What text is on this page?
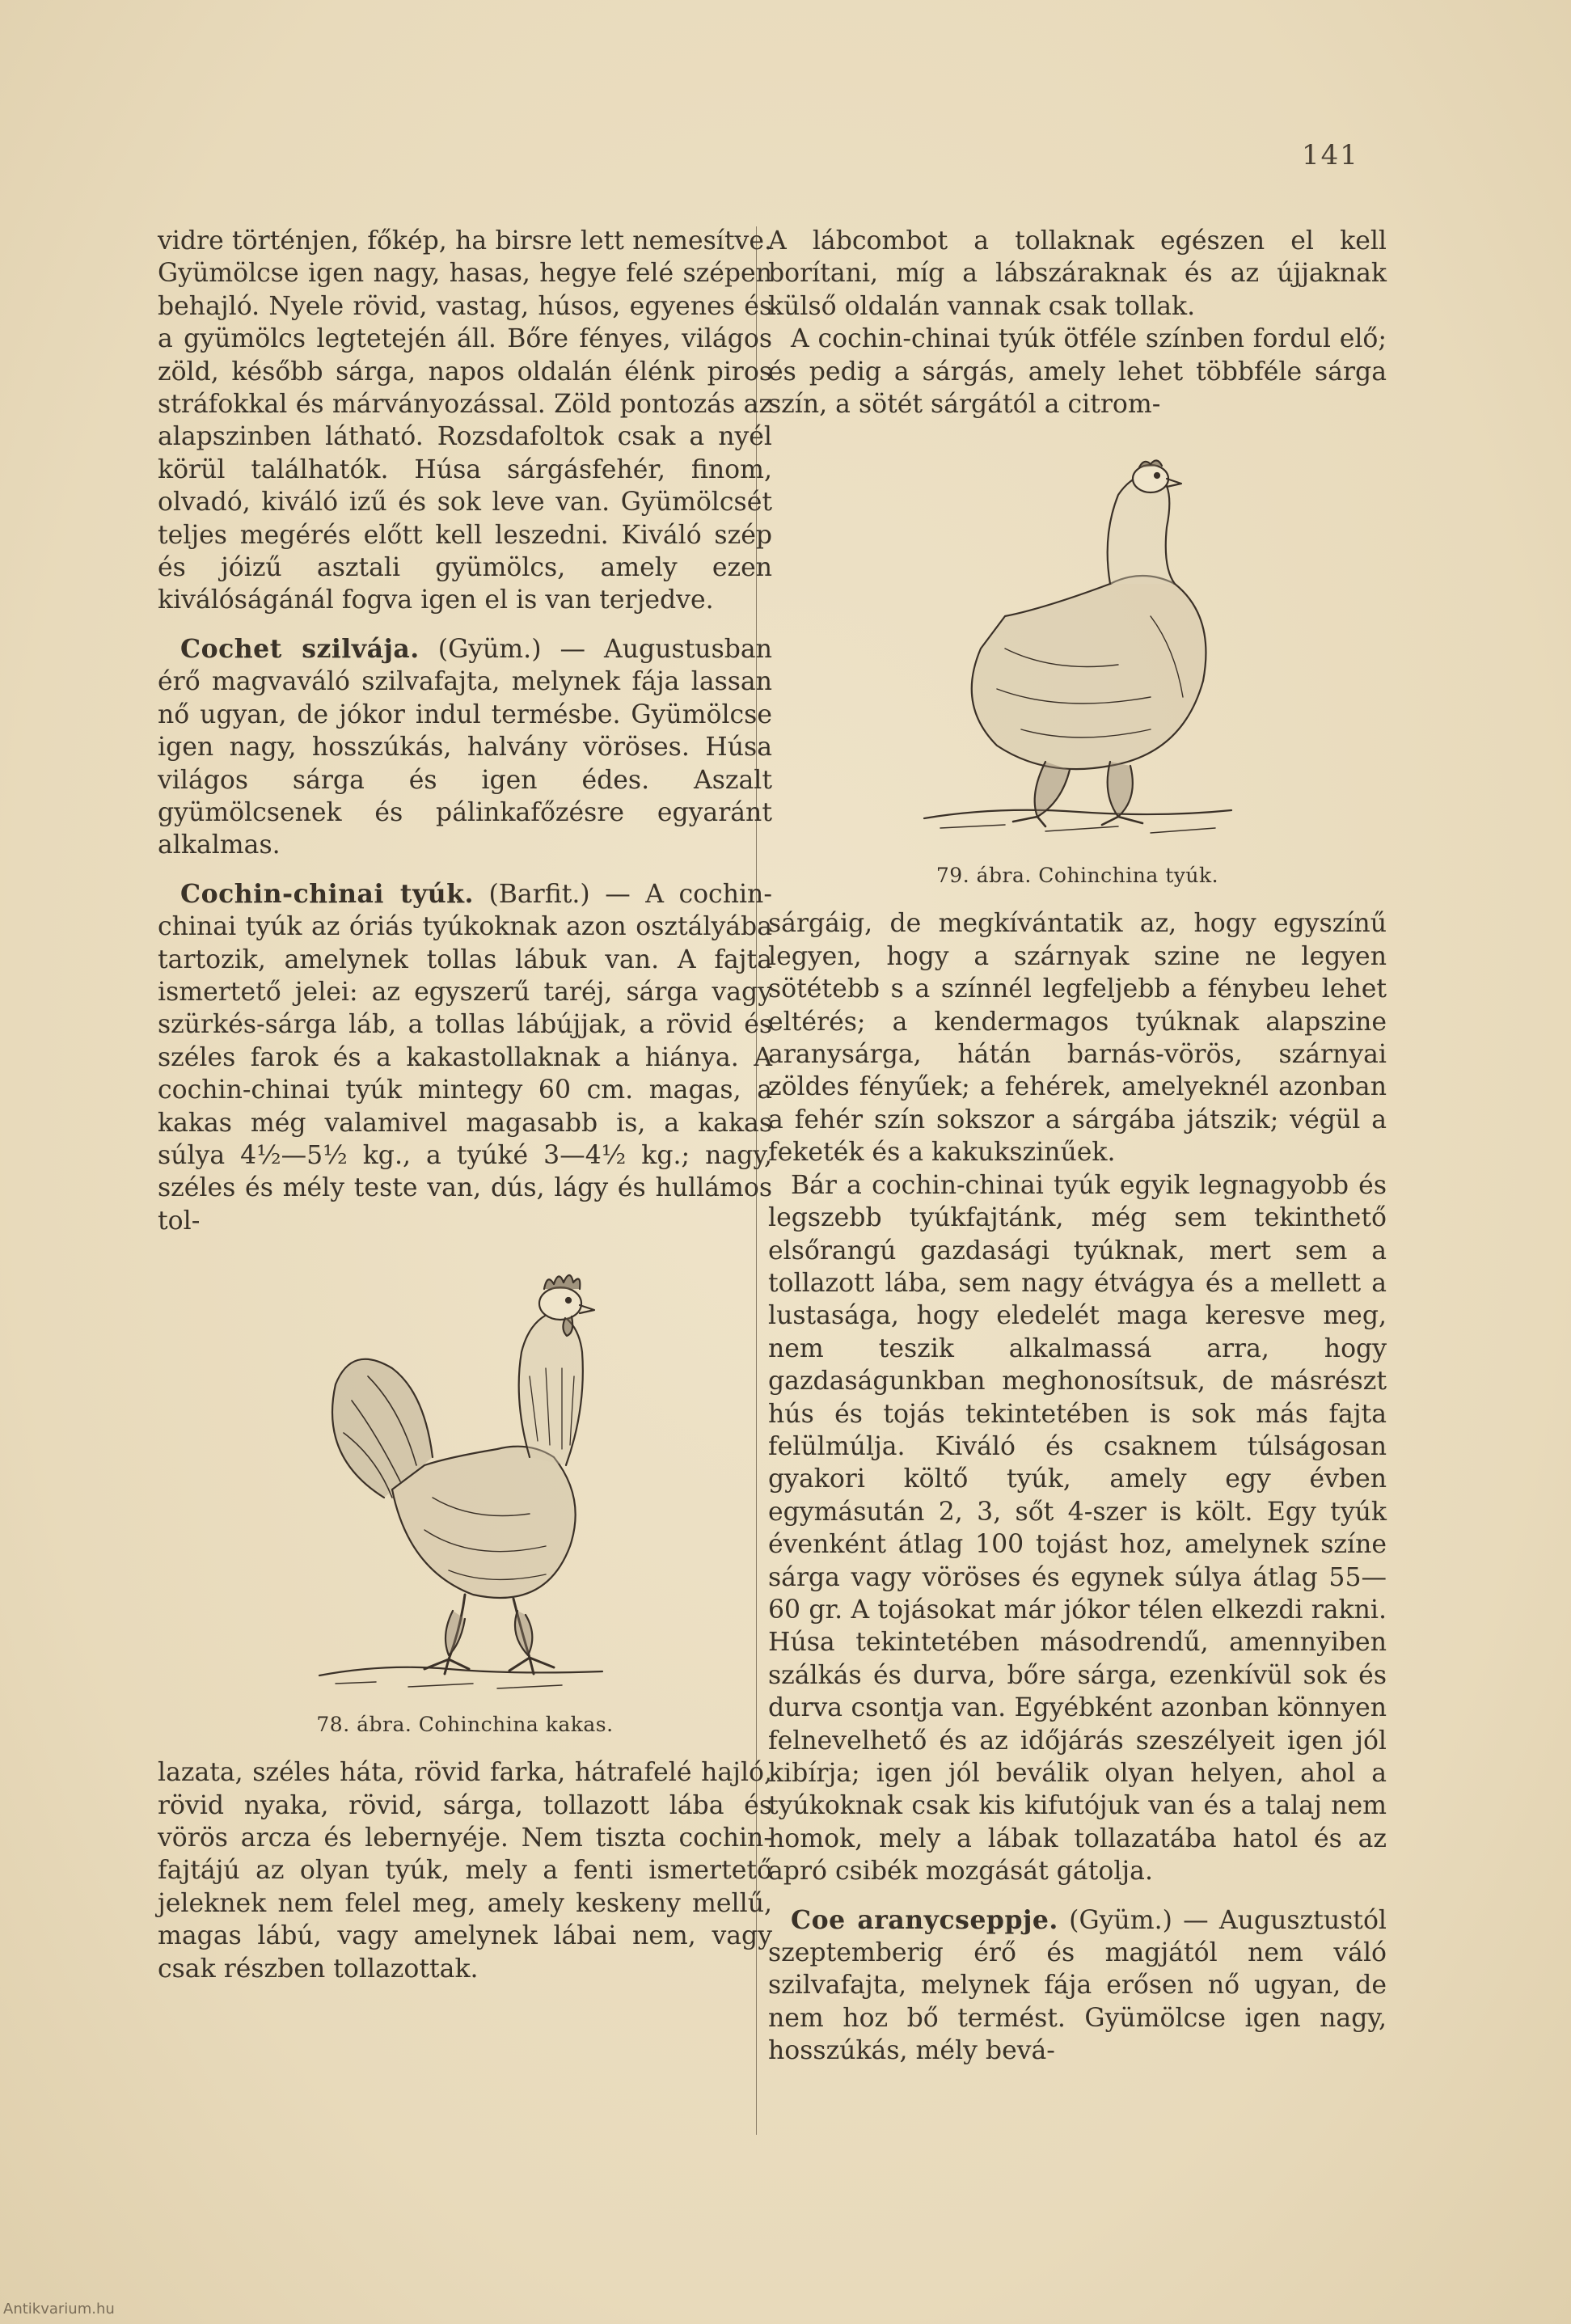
141

vidre történjen, főkép, ha birsre lett nemesítve. Gyümölcse igen nagy, hasas, hegye felé szépen behajló. Nyele rövid, vastag, húsos, egyenes és a gyümölcs legtetején áll. Bőre fényes, világos zöld, később sárga, napos oldalán élénk piros stráfokkal és márványozással. Zöld pontozás az alapszinben látható. Rozsdafoltok csak a nyél körül találhatók. Húsa sárgásfehér, finom, olvadó, kiváló izű és sok leve van. Gyümölcsét teljes megérés előtt kell leszedni. Kiváló szép és jóizű asztali gyümölcs, amely ezen kiválóságánál fogva igen el is van terjedve.

Cochet szilvája. (Gyüm.) — Augustusban érő magvaváló szilvafajta, melynek fája lassan nő ugyan, de jókor indul termésbe. Gyümölcse igen nagy, hosszúkás, halvány vöröses. Húsa világos sárga és igen édes. Aszalt gyümölcsenek és pálinkafőzésre egyaránt alkalmas.

Cochin-chinai tyúk. (Barfit.) — A cochin-chinai tyúk az óriás tyúkoknak azon osztályába tartozik, amelynek tollas lábuk van. A fajta ismertető jelei: az egyszerű taréj, sárga vagy szürkés-sárga láb, a tollas lábújjak, a rövid és széles farok és a kakastollaknak a hiánya. A cochin-chinai tyúk mintegy 60 cm. magas, a kakas még valamivel magasabb is, a kakas súlya 4½—5½ kg., a tyúké 3—4½ kg.; nagy, széles és mély teste van, dús, lágy és hullámos tol-

78. ábra. Cohinchina kakas.

lazata, széles háta, rövid farka, hátrafelé hajló, rövid nyaka, rövid, sárga, tollazott lába és vörös arcza és lebernyéje. Nem tiszta cochin-fajtájú az olyan tyúk, mely a fenti ismertető jeleknek nem felel meg, amely keskeny mellű, magas lábú, vagy amelynek lábai nem, vagy csak részben tollazottak.

A lábcombot a tollaknak egészen el kell borítani, míg a lábszáraknak és az újjaknak külső oldalán vannak csak tollak.

A cochin-chinai tyúk ötféle színben fordul elő; és pedig a sárgás, amely lehet többféle sárga szín, a sötét sárgától a citrom-

79. ábra. Cohinchina tyúk.

sárgáig, de megkívántatik az, hogy egyszínű legyen, hogy a szárnyak szine ne legyen sötétebb s a színnél legfeljebb a fénybeu lehet eltérés; a kendermagos tyúknak alapszine aranysárga, hátán barnás-vörös, szárnyai zöldes fényűek; a fehérek, amelyeknél azonban a fehér szín sokszor a sárgába játszik; végül a feketék és a kakukszinűek.

Bár a cochin-chinai tyúk egyik legnagyobb és legszebb tyúkfajtánk, még sem tekinthető elsőrangú gazdasági tyúknak, mert sem a tollazott lába, sem nagy étvágya és a mellett a lustasága, hogy eledelét maga keresve meg, nem teszik alkalmassá arra, hogy gazdaságunkban meghonosítsuk, de másrészt hús és tojás tekintetében is sok más fajta felülmúlja. Kiváló és csaknem túlságosan gyakori költő tyúk, amely egy évben egymásután 2, 3, sőt 4-szer is költ. Egy tyúk évenként átlag 100 tojást hoz, amelynek színe sárga vagy vöröses és egynek súlya átlag 55—60 gr. A tojásokat már jókor télen elkezdi rakni. Húsa tekintetében másodrendű, amennyiben szálkás és durva, bőre sárga, ezenkívül sok és durva csontja van. Egyébként azonban könnyen felnevelhető és az időjárás szeszélyeit igen jól kibírja; igen jól beválik olyan helyen, ahol a tyúkoknak csak kis kifutójuk van és a talaj nem homok, mely a lábak tollazatába hatol és az apró csibék mozgását gátolja.

Coe aranycseppje. (Gyüm.) — Augusztustól szeptemberig érő és magjától nem váló szilvafajta, melynek fája erősen nő ugyan, de nem hoz bő termést. Gyümölcse igen nagy, hosszúkás, mély bevá-

Antikvarium.hu
